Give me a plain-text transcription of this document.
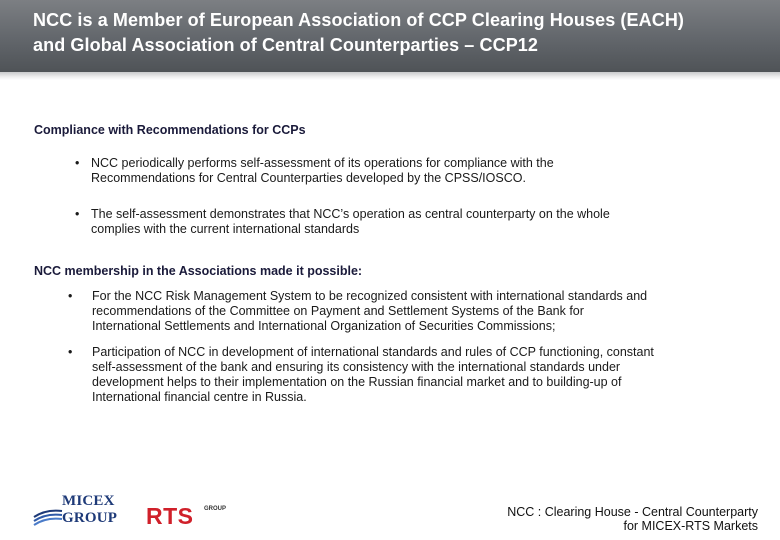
NCC is a Member of European Association of CCP Clearing Houses (EACH)
and Global Association of Central Counterparties – CCP12
Compliance with Recommendations for CCPs
• NCC periodically performs self-assessment of its operations for compliance with the
Recommendations for Central Counterparties developed by the CPSS/IOSCO.
• The self-assessment demonstrates that NCC’s operation as central counterparty on the whole
complies with the current international standards
NCC membership in the Associations made it possible:
•	For the NCC Risk Management System to be recognized consistent with international standards and
recommendations of the Committee on Payment and Settlement Systems of the Bank for
International Settlements and International Organization of Securities Commissions;
•	Participation of NCC in development of international standards and rules of CCP functioning, constant
self-assessment of the bank and ensuring its consistency with the international standards under
development helps to their implementation on the Russian financial market and to building-up of
International financial centre in Russia.
MICEX
GROUP RTS GROUP	NCC : Clearing House - Central Counterparty
for MICEX-RTS Markets
